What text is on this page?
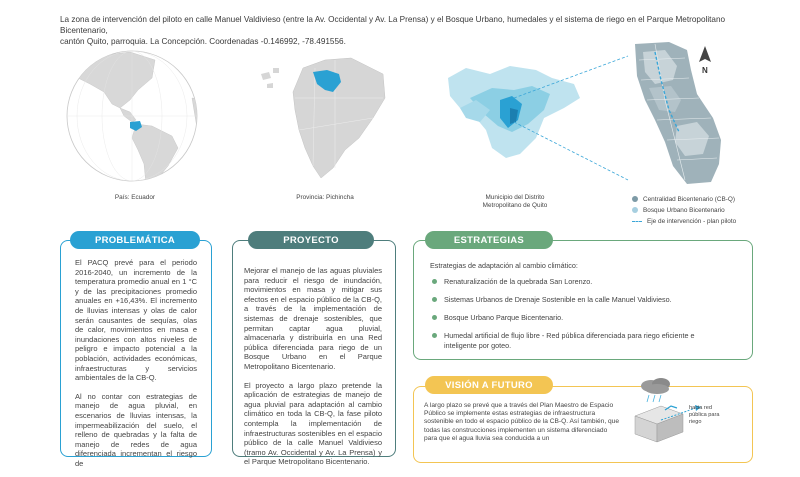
La zona de intervención del piloto en calle Manuel Valdivieso (entre la Av. Occidental y Av. La Prensa) y el Bosque Urbano, humedales y el sistema de riego en el Parque Metropolitano Bicentenario,
cantón Quito, parroquia. La Concepción. Coordenadas -0.146992, -78.491556.
País: Ecuador	Provincia: Pichincha	Municipio del Distrito
Metropolitano de Quito
N
Centralidad Bicentenario (CB-Q)
Bosque Urbano Bicentenario
Eje de intervención - plan piloto
PROBLEMÁTICA

El PACQ prevé para el periodo 2016-2040, un incremento de la temperatura promedio anual en 1 °C y de las precipitaciones promedio anuales en +16,43%. El incremento de lluvias intensas y olas de calor serán causantes de sequías, olas de calor, movimientos en masa e inundaciones con altos niveles de peligro e impacto potencial a la población, actividades económicas, infraestructuras y servicios ambientales de la CB-Q.

Al no contar con estrategias de manejo de agua pluvial, en escenarios de lluvias intensas, la impermeabilización del suelo, el relleno de quebradas y la falta de manejo de redes de agua diferenciada incrementan el riesgo de

PROYECTO

Mejorar el manejo de las aguas pluviales para reducir el riesgo de inundación, movimientos en masa y mitigar sus efectos en el espacio público de la CB-Q, a través de la implementación de sistemas de drenaje sostenibles, que permitan captar agua pluvial, almacenarla y distribuirla en una Red pública diferenciada para riego de un Bosque Urbano en el Parque Metropolitano Bicentenario.

El proyecto a largo plazo pretende la aplicación de estrategias de manejo de agua pluvial para adaptación al cambio climático en toda la CB-Q, la fase piloto contempla la implementación de infraestructuras sostenibles en el espacio público de la calle Manuel Valdivieso (tramo Av. Occidental y Av. La Prensa) y el Parque Metropolitano Bicentenario.

ESTRATEGIAS
Estrategias de adaptación al cambio climático:
Renaturalización de la quebrada San Lorenzo.
Sistemas Urbanos de Drenaje Sostenible en la calle Manuel Valdivieso.
Bosque Urbano Parque Bicentenario.
Humedal artificial de flujo libre - Red pública diferenciada para riego eficiente e
inteligente por goteo.
VISIÓN A FUTURO
A largo plazo se prevé que a través del Plan Maestro de Espacio Público se implemente estas estrategias de infraestructura sostenible en todo el espacio público de la CB-Q. Así también, que todas las construcciones implementen un sistema diferenciado para que el agua lluvia sea conducida a un
hacia red
pública para
riego
